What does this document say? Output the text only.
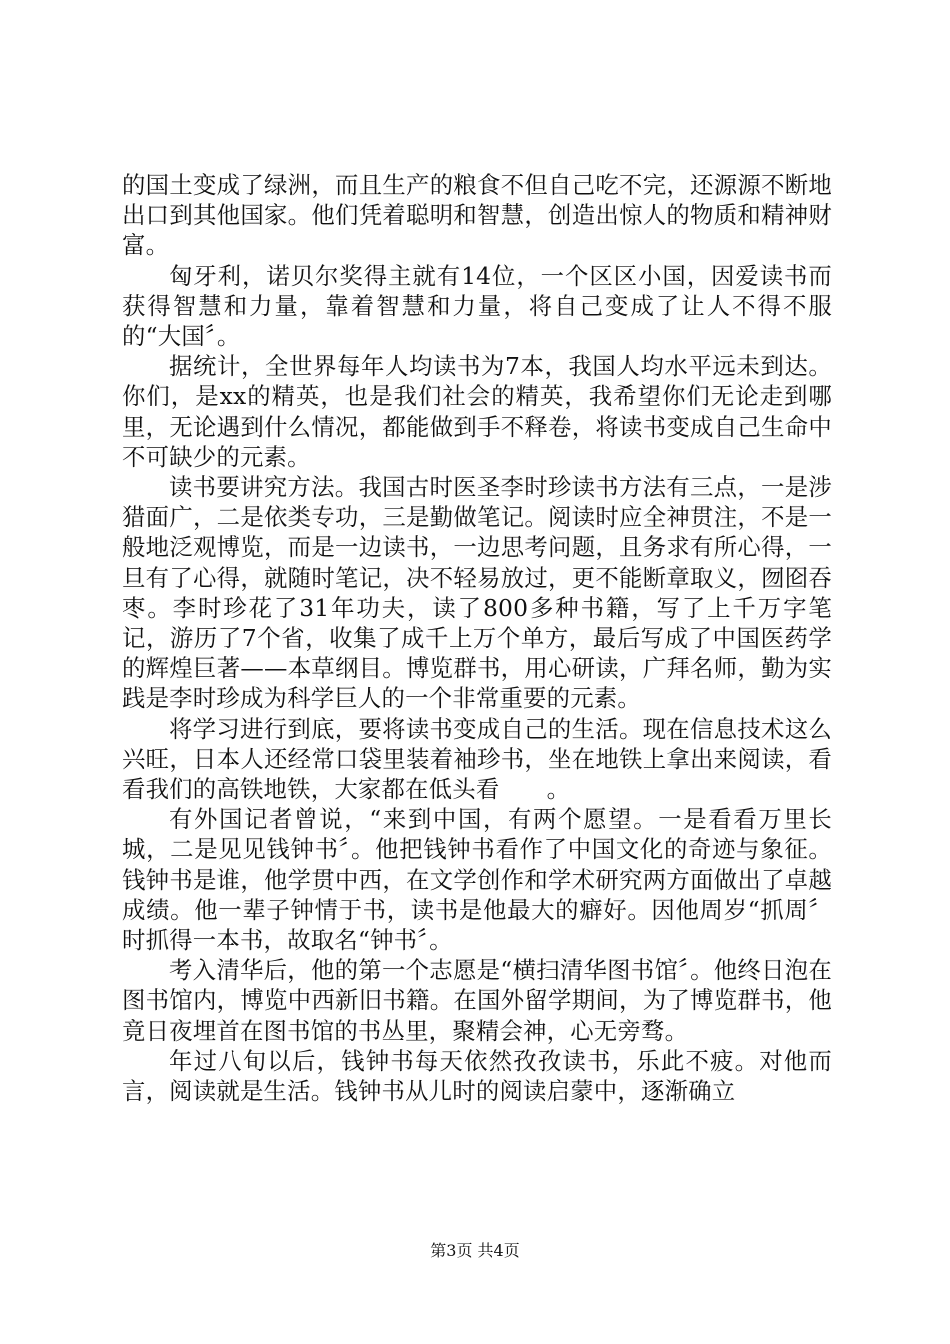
的国土变成了绿洲，而且生产的粮食不但自己吃不完，还源源不断地出口到其他国家。他们凭着聪明和智慧，创造出惊人的物质和精神财富。

匈牙利，诺贝尔奖得主就有14位，一个区区小国，因爱读书而获得智慧和力量，靠着智慧和力量，将自己变成了让人不得不服的“大国〞。

据统计，全世界每年人均读书为7本，我国人均水平远未到达。你们，是xx的精英，也是我们社会的精英，我希望你们无论走到哪里，无论遇到什么情况，都能做到手不释卷，将读书变成自己生命中不可缺少的元素。

读书要讲究方法。我国古时医圣李时珍读书方法有三点，一是涉猎面广，二是依类专功，三是勤做笔记。阅读时应全神贯注，不是一般地泛观博览，而是一边读书，一边思考问题，且务求有所心得，一旦有了心得，就随时笔记，决不轻易放过，更不能断章取义，囫囵吞枣。李时珍花了31年功夫，读了800多种书籍，写了上千万字笔记，游历了7个省，收集了成千上万个单方，最后写成了中国医药学的辉煌巨著——本草纲目。博览群书，用心研读，广拜名师，勤为实践是李时珍成为科学巨人的一个非常重要的元素。

将学习进行到底，要将读书变成自己的生活。现在信息技术这么兴旺，日本人还经常口袋里装着袖珍书，坐在地铁上拿出来阅读，看看我们的高铁地铁，大家都在低头看　　。

有外国记者曾说，“来到中国，有两个愿望。一是看看万里长城，二是见见钱钟书〞。他把钱钟书看作了中国文化的奇迹与象征。钱钟书是谁，他学贯中西，在文学创作和学术研究两方面做出了卓越成绩。他一辈子钟情于书，读书是他最大的癖好。因他周岁“抓周〞时抓得一本书，故取名“钟书〞。

考入清华后，他的第一个志愿是“横扫清华图书馆〞。他终日泡在图书馆内，博览中西新旧书籍。在国外留学期间，为了博览群书，他竟日夜埋首在图书馆的书丛里，聚精会神，心无旁骛。

年过八旬以后，钱钟书每天依然孜孜读书，乐此不疲。对他而言，阅读就是生活。钱钟书从儿时的阅读启蒙中，逐渐确立

第3页 共4页
